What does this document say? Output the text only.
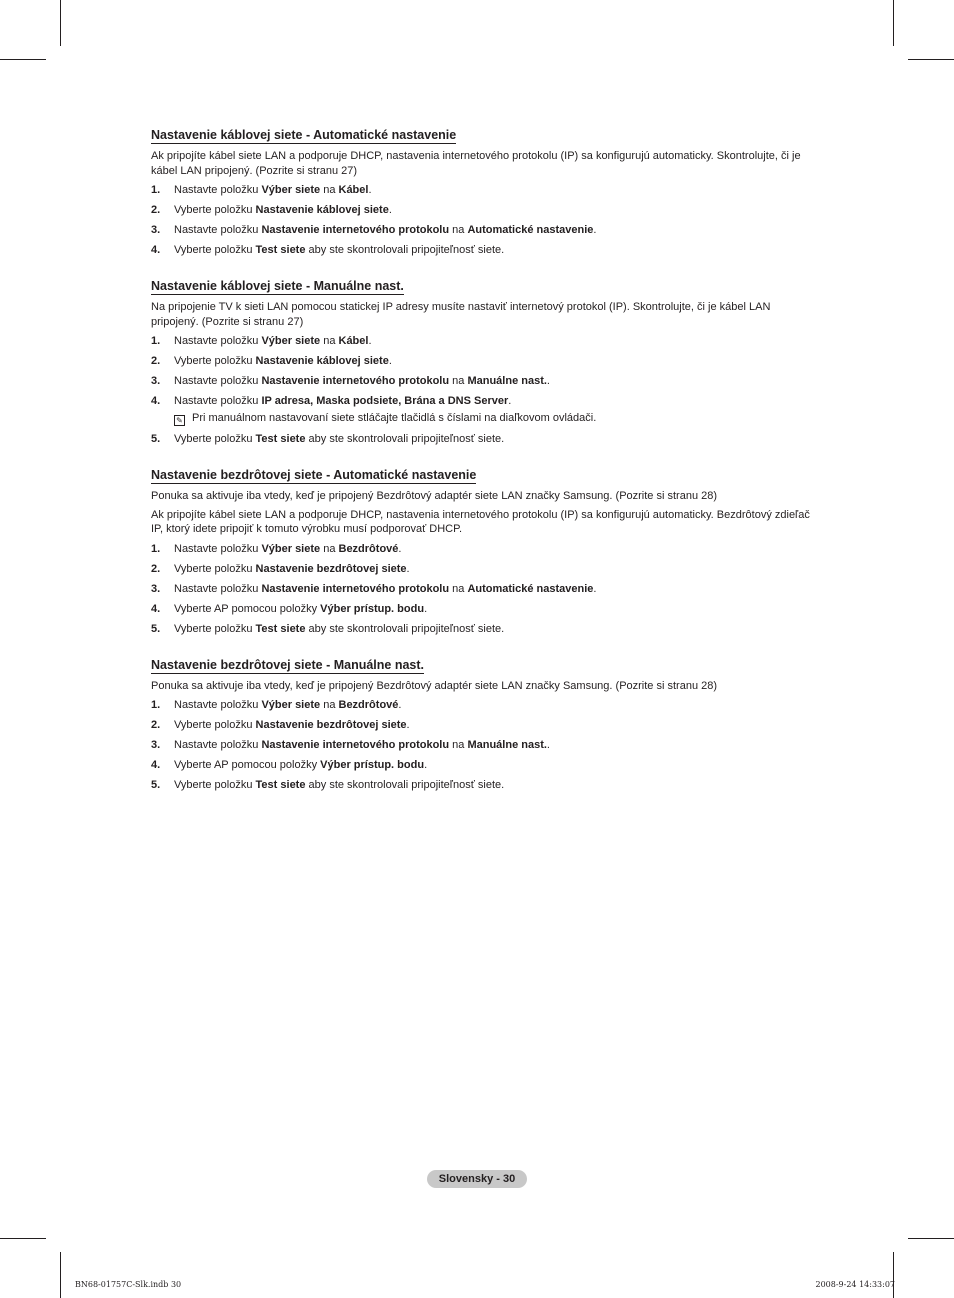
Nastavenie káblovej siete - Automatické nastavenie

Ak pripojíte kábel siete LAN a podporuje DHCP, nastavenia internetového protokolu (IP) sa konfigurujú automaticky. Skontrolujte, či je kábel LAN pripojený. (Pozrite si stranu 27)

1. Nastavte položku Výber siete na Kábel.
2. Vyberte položku Nastavenie káblovej siete.
3. Nastavte položku Nastavenie internetového protokolu na Automatické nastavenie.
4. Vyberte položku Test siete aby ste skontrolovali pripojiteľnosť siete.
Nastavenie káblovej siete - Manuálne nast.

Na pripojenie TV k sieti LAN pomocou statickej IP adresy musíte nastaviť internetový protokol (IP). Skontrolujte, či je kábel LAN pripojený. (Pozrite si stranu 27)

1. Nastavte položku Výber siete na Kábel.
2. Vyberte položku Nastavenie káblovej siete.
3. Nastavte položku Nastavenie internetového protokolu na Manuálne nast..
4. Nastavte položku IP adresa, Maska podsiete, Brána a DNS Server.
✎ Pri manuálnom nastavovaní siete stláčajte tlačidlá s číslami na diaľkovom ovládači.
5. Vyberte položku Test siete aby ste skontrolovali pripojiteľnosť siete.
Nastavenie bezdrôtovej siete - Automatické nastavenie

Ponuka sa aktivuje iba vtedy, keď je pripojený Bezdrôtový adaptér siete LAN značky Samsung. (Pozrite si stranu 28)

Ak pripojíte kábel siete LAN a podporuje DHCP, nastavenia internetového protokolu (IP) sa konfigurujú automaticky. Bezdrôtový zdieľač IP, ktorý idete pripojiť k tomuto výrobku musí podporovať DHCP.

1. Nastavte položku Výber siete na Bezdrôtové.
2. Vyberte položku Nastavenie bezdrôtovej siete.
3. Nastavte položku Nastavenie internetového protokolu na Automatické nastavenie.
4. Vyberte AP pomocou položky Výber prístup. bodu.
5. Vyberte položku Test siete aby ste skontrolovali pripojiteľnosť siete.
Nastavenie bezdrôtovej siete - Manuálne nast.

Ponuka sa aktivuje iba vtedy, keď je pripojený Bezdrôtový adaptér siete LAN značky Samsung. (Pozrite si stranu 28)

1. Nastavte položku Výber siete na Bezdrôtové.
2. Vyberte položku Nastavenie bezdrôtovej siete.
3. Nastavte položku Nastavenie internetového protokolu na Manuálne nast..
4. Vyberte AP pomocou položky Výber prístup. bodu.
5. Vyberte položku Test siete aby ste skontrolovali pripojiteľnosť siete.
Slovensky - 30
BN68-01757C-Slk.indb 30	2008-9-24 14:33:07
